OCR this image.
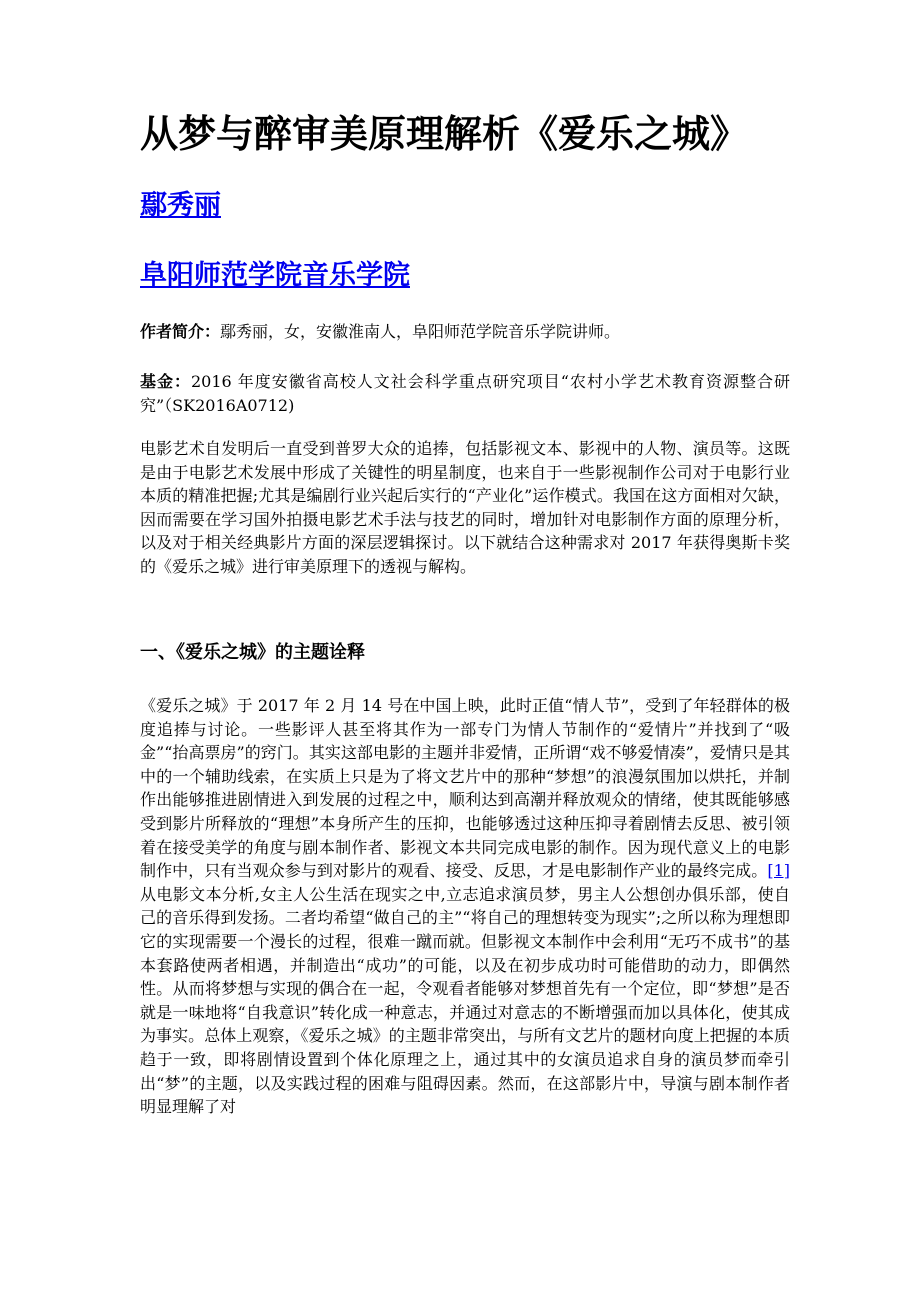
从梦与醉审美原理解析《爱乐之城》
鄢秀丽
阜阳师范学院音乐学院

作者简介：鄢秀丽，女，安徽淮南人，阜阳师范学院音乐学院讲师。

基金：2016 年度安徽省高校人文社会科学重点研究项目“农村小学艺术教育资源整合研究”（SK2016A0712)

电影艺术自发明后一直受到普罗大众的追捧，包括影视文本、影视中的人物、演员等。这既是由于电影艺术发展中形成了关键性的明星制度，也来自于一些影视制作公司对于电影行业本质的精准把握;尤其是编剧行业兴起后实行的“产业化”运作模式。我国在这方面相对欠缺，因而需要在学习国外拍摄电影艺术手法与技艺的同时，增加针对电影制作方面的原理分析，以及对于相关经典影片方面的深层逻辑探讨。以下就结合这种需求对 2017 年获得奥斯卡奖的《爱乐之城》进行审美原理下的透视与解构。

一、《爱乐之城》的主题诠释

《爱乐之城》于 2017 年 2 月 14 号在中国上映，此时正值“情人节”，受到了年轻群体的极度追捧与讨论。一些影评人甚至将其作为一部专门为情人节制作的“爱情片”并找到了“吸金”“抬高票房”的窍门。其实这部电影的主题并非爱情，正所谓“戏不够爱情凑”，爱情只是其中的一个辅助线索，在实质上只是为了将文艺片中的那种“梦想”的浪漫氛围加以烘托，并制作出能够推进剧情进入到发展的过程之中，顺利达到高潮并释放观众的情绪，使其既能够感受到影片所释放的“理想”本身所产生的压抑，也能够透过这种压抑寻着剧情去反思、被引领着在接受美学的角度与剧本制作者、影视文本共同完成电影的制作。因为现代意义上的电影制作中，只有当观众参与到对影片的观看、接受、反思，才是电影制作产业的最终完成。[1]从电影文本分析,女主人公生活在现实之中,立志追求演员梦，男主人公想创办俱乐部，使自己的音乐得到发扬。二者均希望“做自己的主”“将自己的理想转变为现实”;之所以称为理想即它的实现需要一个漫长的过程，很难一蹴而就。但影视文本制作中会利用“无巧不成书”的基本套路使两者相遇，并制造出“成功”的可能，以及在初步成功时可能借助的动力，即偶然性。从而将梦想与实现的偶合在一起，令观看者能够对梦想首先有一个定位，即“梦想”是否就是一味地将“自我意识”转化成一种意志，并通过对意志的不断增强而加以具体化，使其成为事实。总体上观察，《爱乐之城》的主题非常突出，与所有文艺片的题材向度上把握的本质趋于一致，即将剧情设置到个体化原理之上，通过其中的女演员追求自身的演员梦而牵引出“梦”的主题，以及实践过程的困难与阻碍因素。然而，在这部影片中，导演与剧本制作者明显理解了对
